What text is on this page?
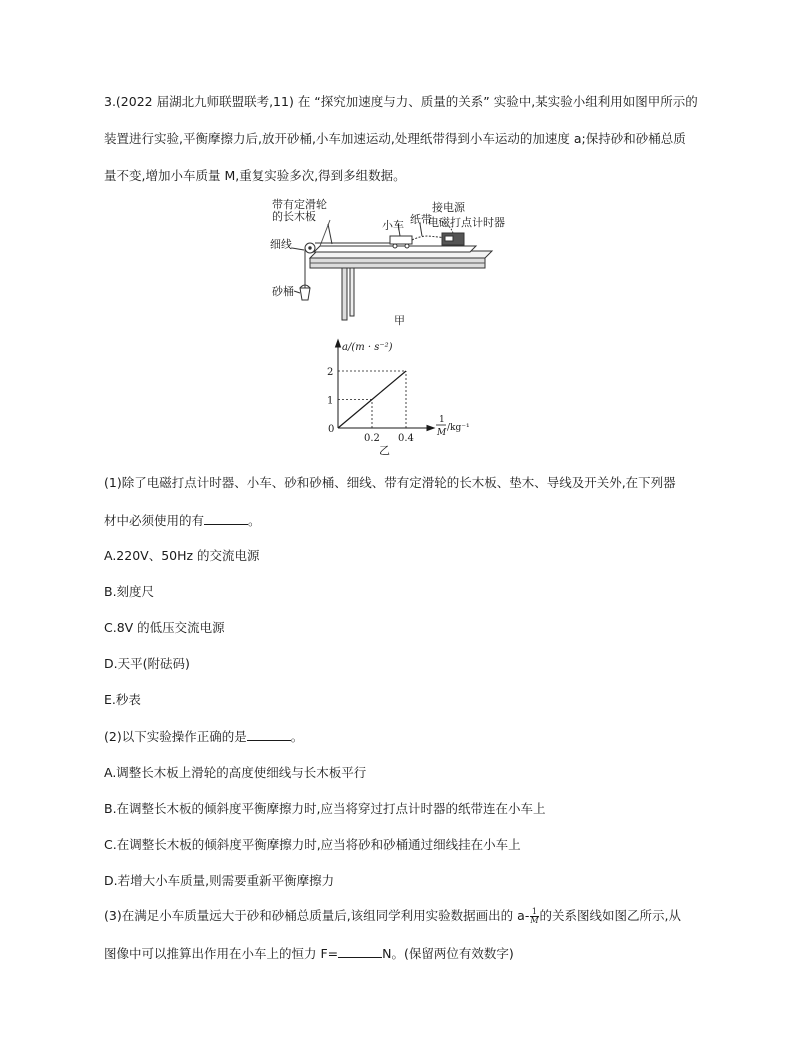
3.(2022 届湖北九师联盟联考,11) 在 “探究加速度与力、质量的关系” 实验中,某实验小组利用如图甲所示的
装置进行实验,平衡摩擦力后,放开砂桶,小车加速运动,处理纸带得到小车运动的加速度 a;保持砂和砂桶总质
量不变,增加小车质量 M,重复实验多次,得到多组数据。
带有定滑轮
的长木板
小车 纸带
接电源
电磁打点计时器
细线
砂桶
甲
0.2 0.4
1
2
a/(m · s⁻²)
0
1
M /kg⁻¹
乙
(1)除了电磁打点计时器、小车、砂和砂桶、细线、带有定滑轮的长木板、垫木、导线及开关外,在下列器
材中必须使用的有	。
A.220V、50Hz 的交流电源
B.刻度尺
C.8V 的低压交流电源
D.天平(附砝码)
E.秒表
(2)以下实验操作正确的是	。
A.调整长木板上滑轮的高度使细线与长木板平行
B.在调整长木板的倾斜度平衡摩擦力时,应当将穿过打点计时器的纸带连在小车上
C.在调整长木板的倾斜度平衡摩擦力时,应当将砂和砂桶通过细线挂在小车上
D.若增大小车质量,则需要重新平衡摩擦力
(3)在满足小车质量远大于砂和砂桶总质量后,该组同学利用实验数据画出的 $a- \frac{1}{M}$ 的关系图线如图乙所示,从
图像中可以推算出作用在小车上的恒力 F=	N。(保留两位有效数字)
